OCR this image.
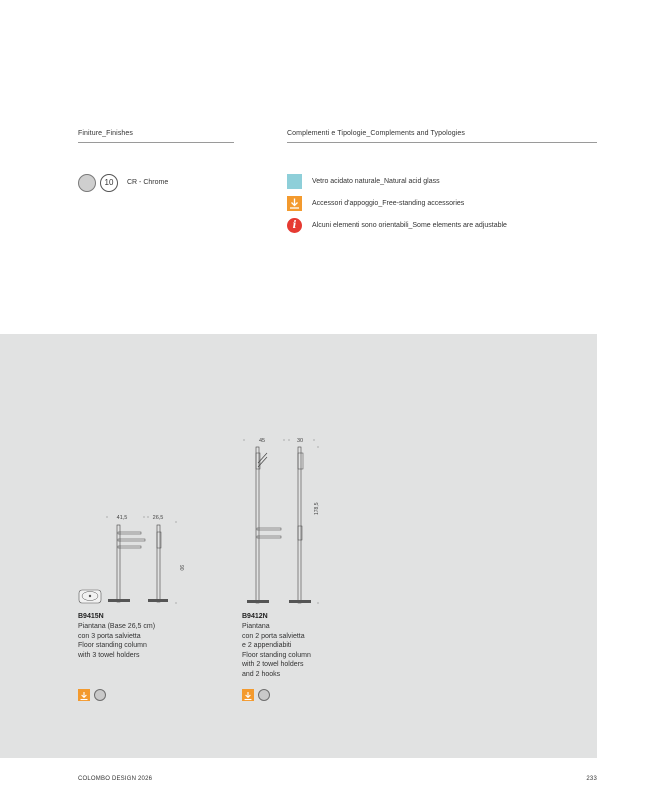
Finiture_Finishes	Complementi e Tipologie_Complements and Typologies
10	CR - Chrome	Vetro acidato naturale_Natural acid glass
Accessori d'appoggio_Free-standing accessories
i	Alcuni elementi sono orientabili_Some elements are adjustable
41,5	26,5
90
45	30
178,5
B9415N
Piantana (Base 26,5 cm)
con 3 porta salvietta
Floor standing column
with 3 towel holders
B9412N
Piantana
con 2 porta salvietta
e 2 appendiabiti
Floor standing column
with 2 towel holders
and 2 hooks
COLOMBO DESIGN 2026	233
